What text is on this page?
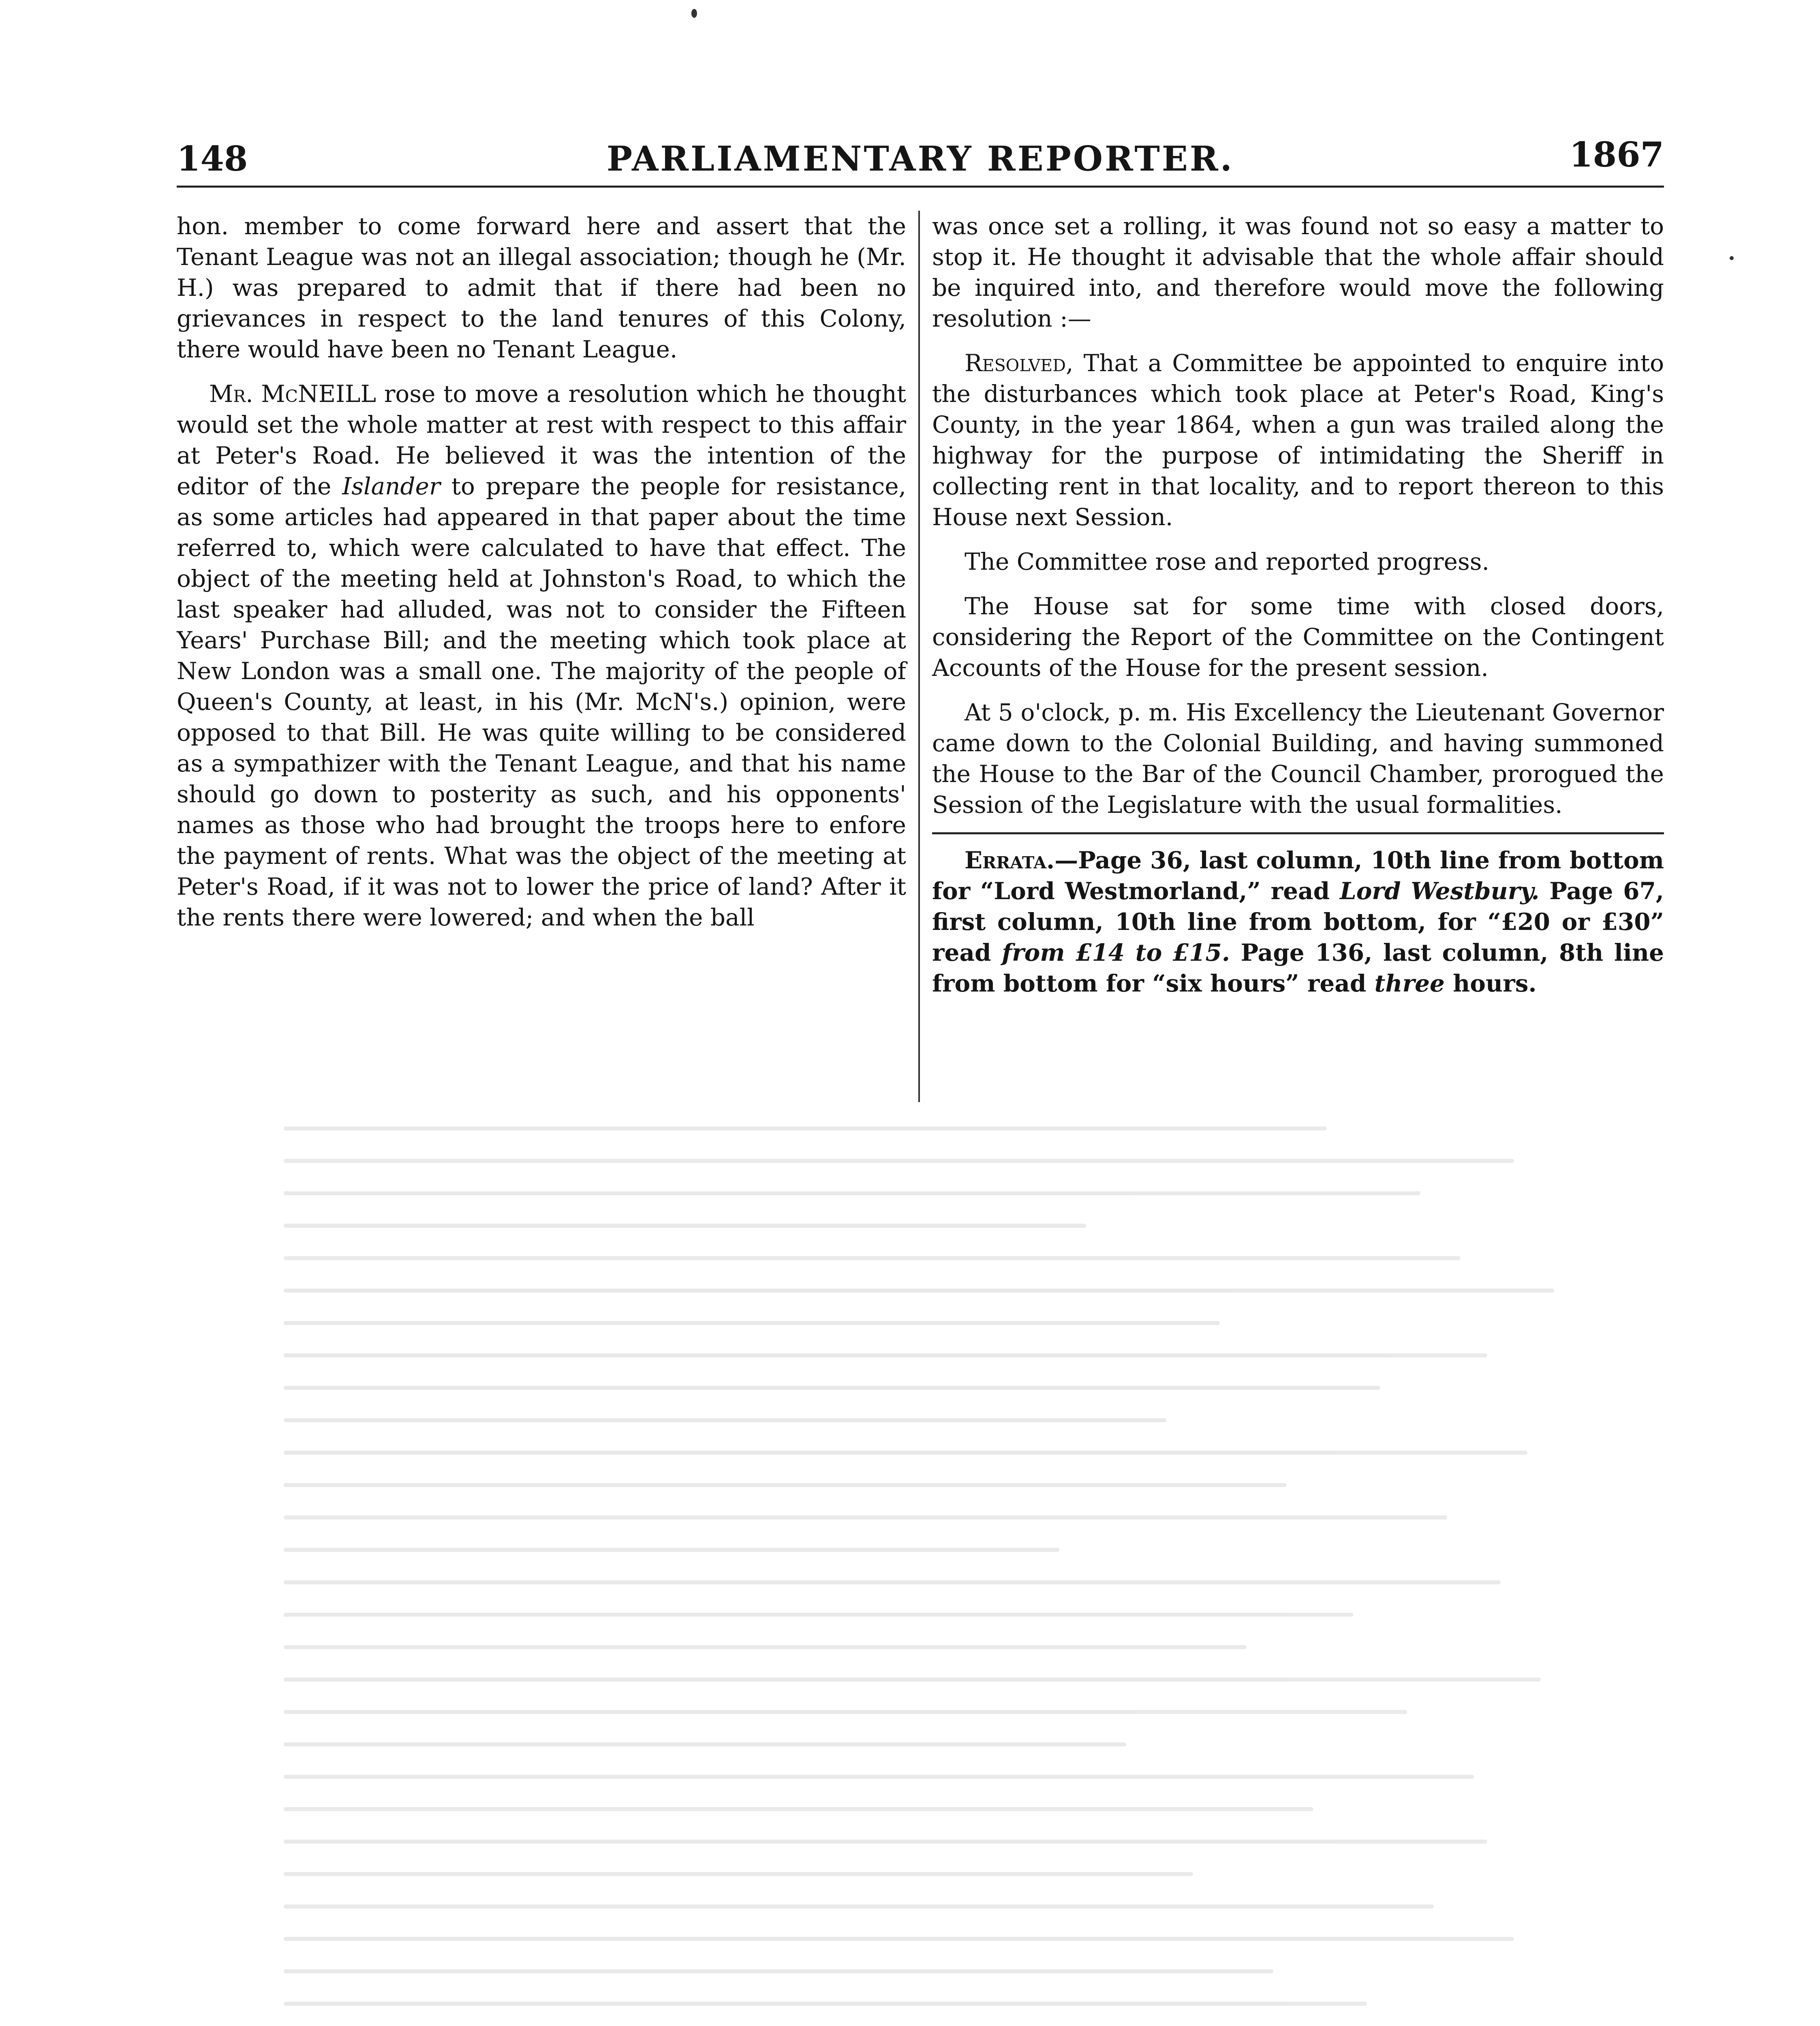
148	PARLIAMENTARY REPORTER.	1867

hon. member to come forward here and assert that the Tenant League was not an illegal association; though he (Mr. H.) was prepared to admit that if there had been no grievances in respect to the land tenures of this Colony, there would have been no Tenant League.

Mr. McNEILL rose to move a resolution which he thought would set the whole matter at rest with respect to this affair at Peter's Road. He believed it was the intention of the editor of the Islander to prepare the people for resistance, as some articles had appeared in that paper about the time referred to, which were calculated to have that effect. The object of the meeting held at Johnston's Road, to which the last speaker had alluded, was not to consider the Fifteen Years' Purchase Bill; and the meeting which took place at New London was a small one. The majority of the people of Queen's County, at least, in his (Mr. McN's.) opinion, were opposed to that Bill. He was quite willing to be considered as a sympathizer with the Tenant League, and that his name should go down to posterity as such, and his opponents' names as those who had brought the troops here to enfore the payment of rents. What was the object of the meeting at Peter's Road, if it was not to lower the price of land? After it the rents there were lowered; and when the ball

was once set a rolling, it was found not so easy a matter to stop it. He thought it advisable that the whole affair should be inquired into, and therefore would move the following resolution :—

Resolved, That a Committee be appointed to enquire into the disturbances which took place at Peter's Road, King's County, in the year 1864, when a gun was trailed along the highway for the purpose of intimidating the Sheriff in collecting rent in that locality, and to report thereon to this House next Session.

The Committee rose and reported progress.

The House sat for some time with closed doors, considering the Report of the Committee on the Contingent Accounts of the House for the present session.

At 5 o'clock, p. m. His Excellency the Lieutenant Governor came down to the Colonial Building, and having summoned the House to the Bar of the Council Chamber, prorogued the Session of the Legislature with the usual formalities.

Errata.—Page 36, last column, 10th line from bottom for “Lord Westmorland,” read Lord Westbury. Page 67, first column, 10th line from bottom, for “£20 or £30” read from £14 to £15. Page 136, last column, 8th line from bottom for “six hours” read three hours.
